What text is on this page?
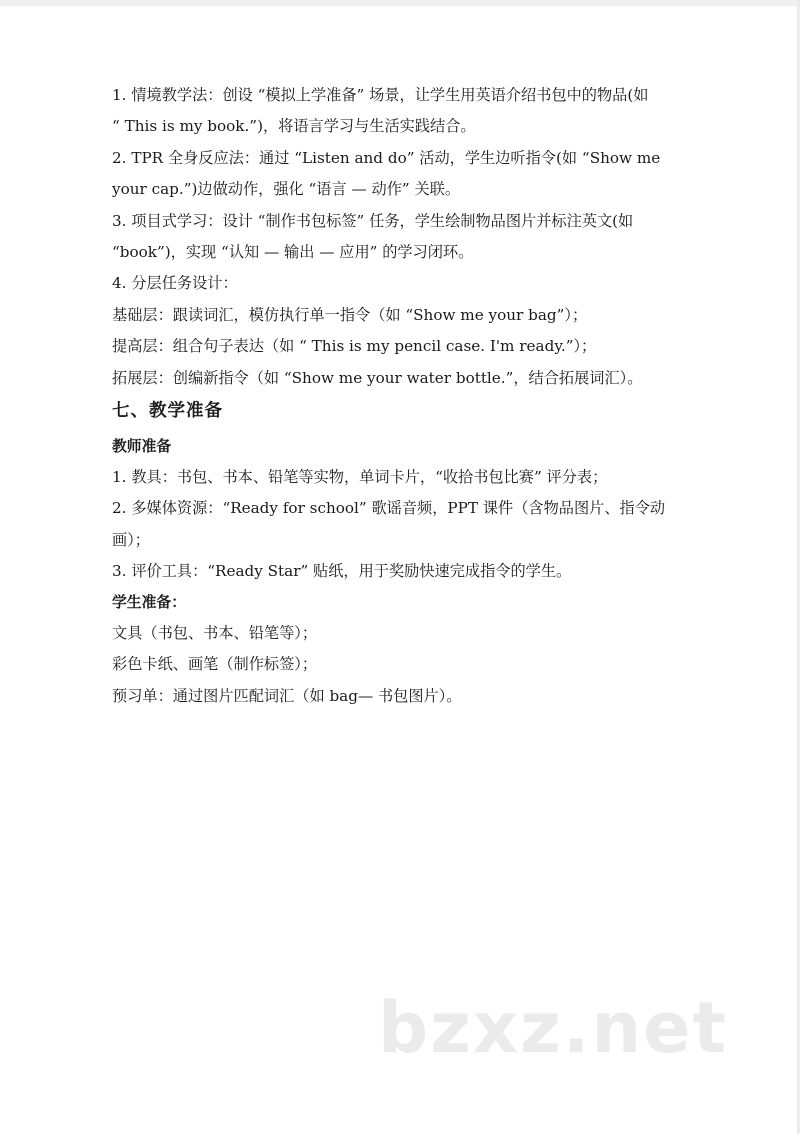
1. 情境教学法：创设 “模拟上学准备” 场景，让学生用英语介绍书包中的物品(如

“ This is my book.”)，将语言学习与生活实践结合。

2. TPR 全身反应法：通过 “Listen and do” 活动，学生边听指令(如 “Show me

your cap.”)边做动作，强化 “语言 — 动作” 关联。

3. 项目式学习：设计 “制作书包标签” 任务，学生绘制物品图片并标注英文(如

“book”)，实现 “认知 — 输出 — 应用” 的学习闭环。

4. 分层任务设计：

基础层：跟读词汇，模仿执行单一指令（如 “Show me your bag”）；

提高层：组合句子表达（如 “ This is my pencil case. I'm ready.”）；

拓展层：创编新指令（如 “Show me your water bottle.”，结合拓展词汇）。

七、教学准备
教师准备

1. 教具：书包、书本、铅笔等实物，单词卡片，“收拾书包比赛” 评分表；

2. 多媒体资源：“Ready for school” 歌谣音频，PPT 课件（含物品图片、指令动

画）；

3. 评价工具：“Ready Star” 贴纸，用于奖励快速完成指令的学生。

学生准备：

文具（书包、书本、铅笔等）；

彩色卡纸、画笔（制作标签）；

预习单：通过图片匹配词汇（如 bag— 书包图片）。

bzxz.net
